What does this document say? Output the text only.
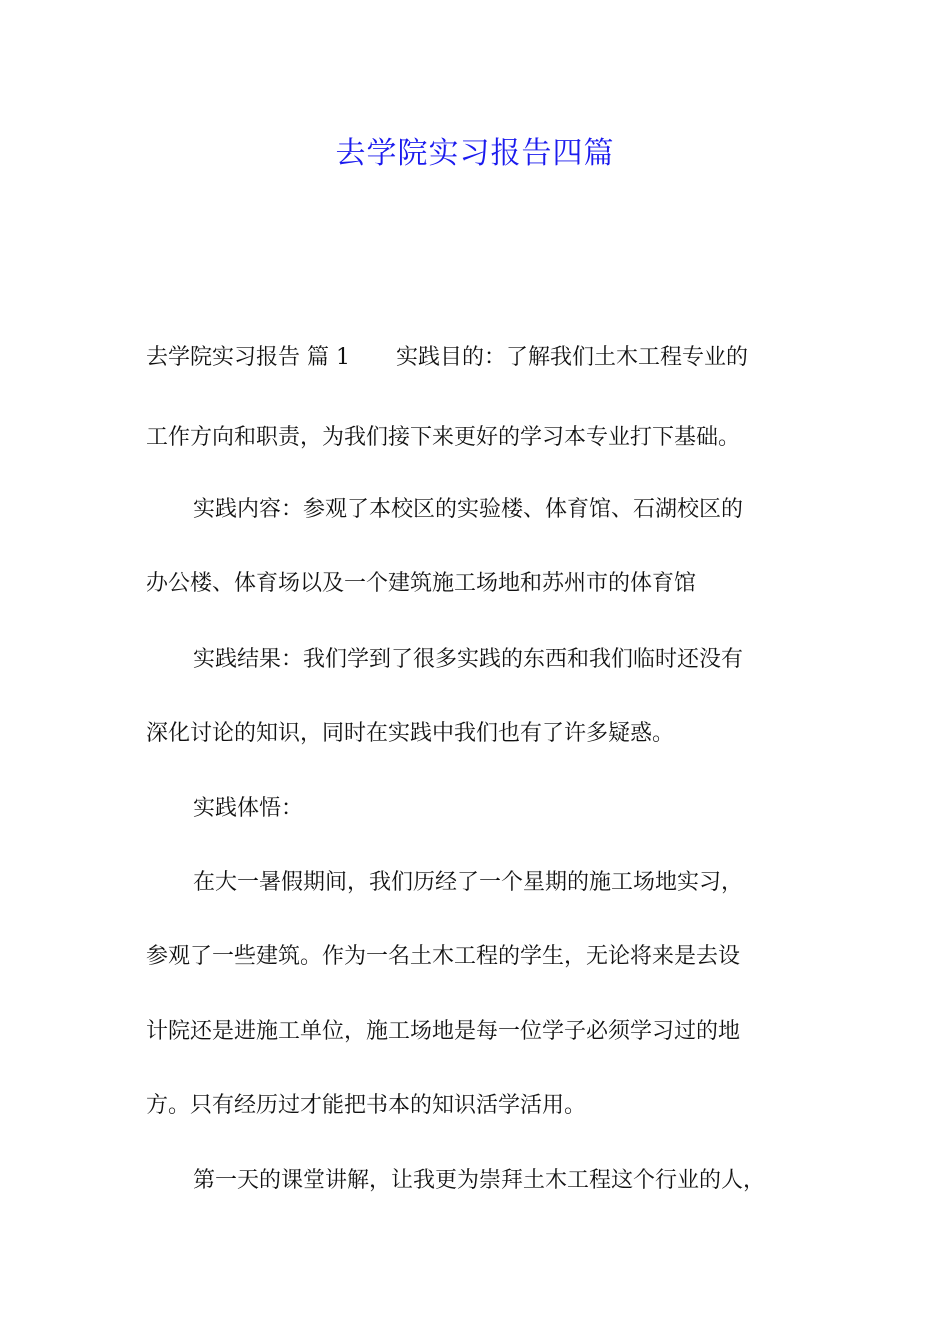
去学院实习报告四篇
去学院实习报告 篇 1 实践目的：了解我们土木工程专业的
工作方向和职责，为我们接下来更好的学习本专业打下基础。
实践内容：参观了本校区的实验楼、体育馆、石湖校区的
办公楼、体育场以及一个建筑施工场地和苏州市的体育馆
实践结果：我们学到了很多实践的东西和我们临时还没有
深化讨论的知识，同时在实践中我们也有了许多疑惑。
实践体悟：
在大一暑假期间，我们历经了一个星期的施工场地实习，
参观了一些建筑。作为一名土木工程的学生，无论将来是去设
计院还是进施工单位，施工场地是每一位学子必须学习过的地
方。只有经历过才能把书本的知识活学活用。
第一天的课堂讲解，让我更为崇拜土木工程这个行业的人，
